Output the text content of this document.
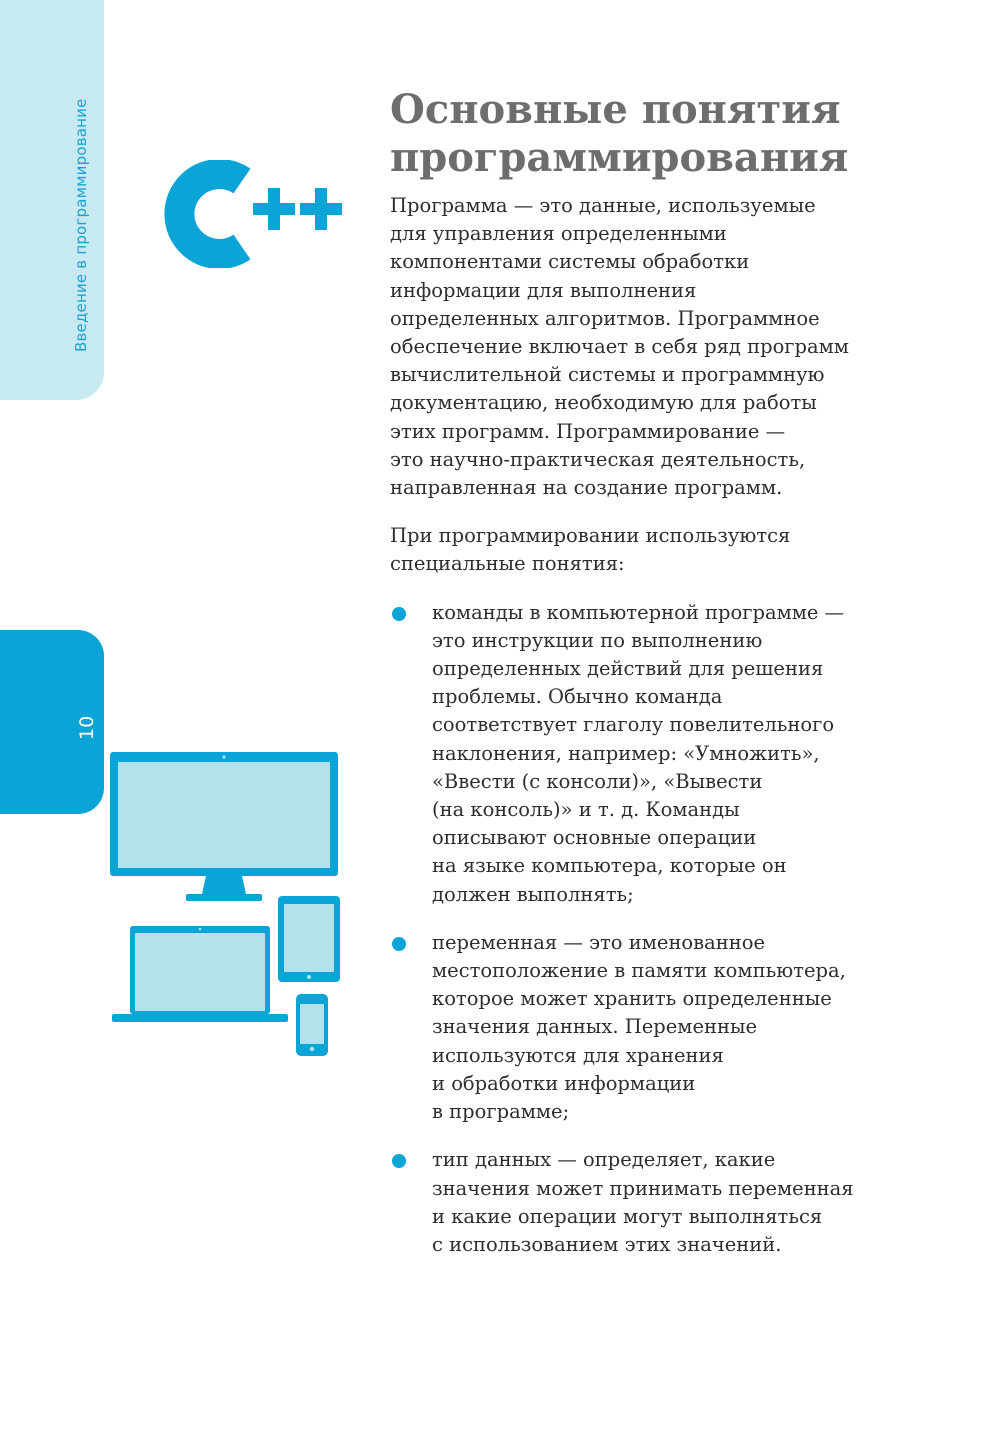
Введение в программирование
10
Основные понятия
программирования

Программа — это данные, используемые
для управления определенными
компонентами системы обработки
информации для выполнения
определенных алгоритмов. Программное
обеспечение включает в себя ряд программ
вычислительной системы и программную
документацию, необходимую для работы
этих программ. Программирование —
это научно-практическая деятельность,
направленная на создание программ.

При программировании используются
специальные понятия:

команды в компьютерной программе —
это инструкции по выполнению
определенных действий для решения
проблемы. Обычно команда
соответствует глаголу повелительного
наклонения, например: «Умножить»,
«Ввести (с консоли)», «Вывести
(на консоль)» и т. д. Команды
описывают основные операции
на языке компьютера, которые он
должен выполнять;
переменная — это именованное
местоположение в памяти компьютера,
которое может хранить определенные
значения данных. Переменные
используются для хранения
и обработки информации
в программе;
тип данных — определяет, какие
значения может принимать переменная
и какие операции могут выполняться
с использованием этих значений.
